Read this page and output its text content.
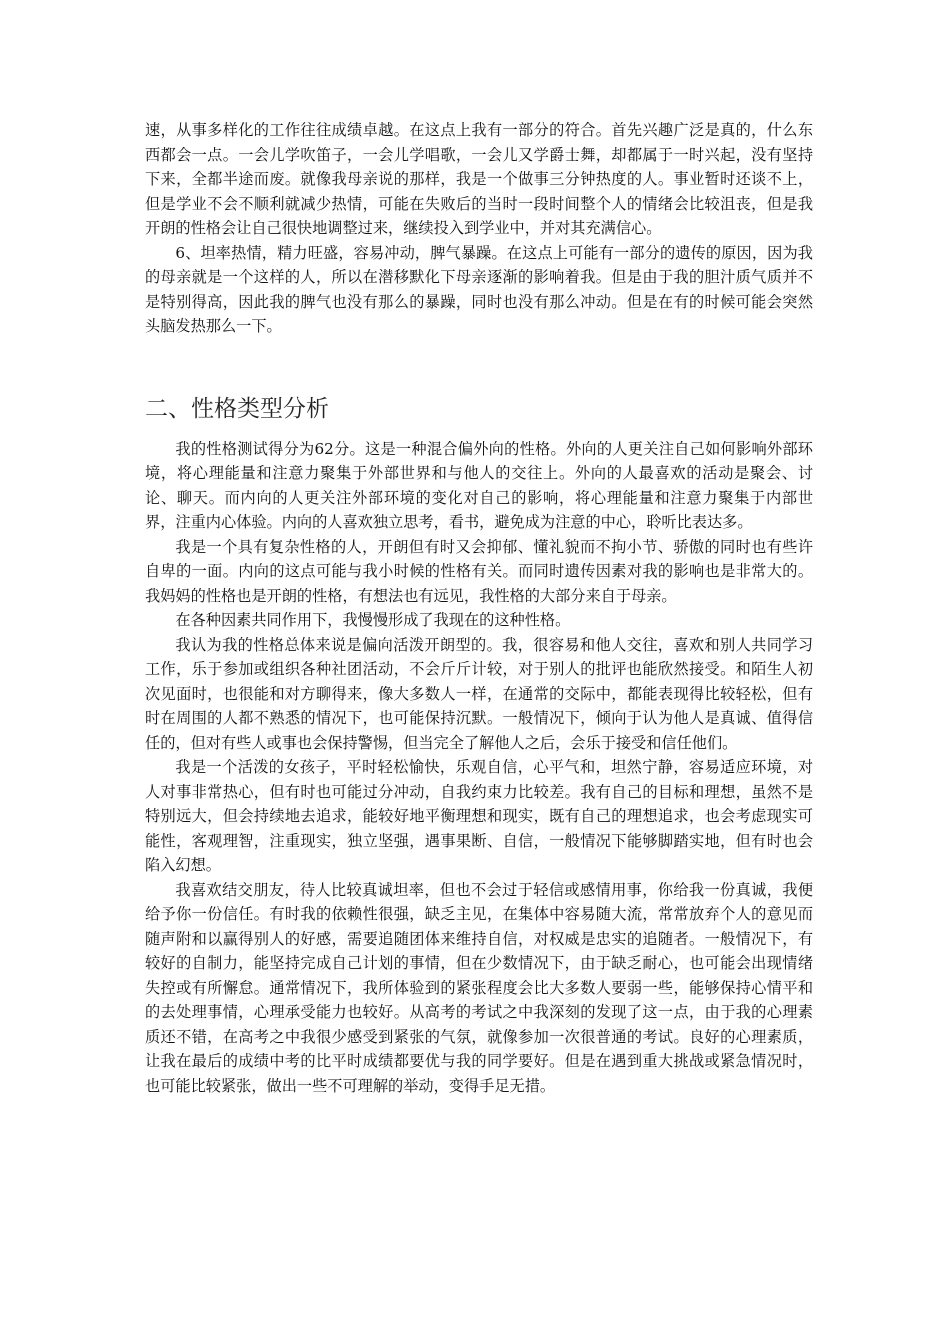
速，从事多样化的工作往往成绩卓越。在这点上我有一部分的符合。首先兴趣广泛是真的，什么东西都会一点。一会儿学吹笛子，一会儿学唱歌，一会儿又学爵士舞，却都属于一时兴起，没有坚持下来，全都半途而废。就像我母亲说的那样，我是一个做事三分钟热度的人。事业暂时还谈不上，但是学业不会不顺利就减少热情，可能在失败后的当时一段时间整个人的情绪会比较沮丧，但是我开朗的性格会让自己很快地调整过来，继续投入到学业中，并对其充满信心。

6、坦率热情，精力旺盛，容易冲动，脾气暴躁。在这点上可能有一部分的遗传的原因，因为我的母亲就是一个这样的人，所以在潜移默化下母亲逐渐的影响着我。但是由于我的胆汁质气质并不是特别得高，因此我的脾气也没有那么的暴躁，同时也没有那么冲动。但是在有的时候可能会突然头脑发热那么一下。

二、性格类型分析

我的性格测试得分为62分。这是一种混合偏外向的性格。外向的人更关注自己如何影响外部环境，将心理能量和注意力聚集于外部世界和与他人的交往上。外向的人最喜欢的活动是聚会、讨论、聊天。而内向的人更关注外部环境的变化对自己的影响，将心理能量和注意力聚集于内部世界，注重内心体验。内向的人喜欢独立思考，看书，避免成为注意的中心，聆听比表达多。

我是一个具有复杂性格的人，开朗但有时又会抑郁、懂礼貌而不拘小节、骄傲的同时也有些许自卑的一面。内向的这点可能与我小时候的性格有关。而同时遗传因素对我的影响也是非常大的。我妈妈的性格也是开朗的性格，有想法也有远见，我性格的大部分来自于母亲。

在各种因素共同作用下，我慢慢形成了我现在的这种性格。

我认为我的性格总体来说是偏向活泼开朗型的。我，很容易和他人交往，喜欢和别人共同学习工作，乐于参加或组织各种社团活动，不会斤斤计较，对于别人的批评也能欣然接受。和陌生人初次见面时，也很能和对方聊得来，像大多数人一样，在通常的交际中，都能表现得比较轻松，但有时在周围的人都不熟悉的情况下，也可能保持沉默。一般情况下，倾向于认为他人是真诚、值得信任的，但对有些人或事也会保持警惕，但当完全了解他人之后，会乐于接受和信任他们。

我是一个活泼的女孩子，平时轻松愉快，乐观自信，心平气和，坦然宁静，容易适应环境，对人对事非常热心，但有时也可能过分冲动，自我约束力比较差。我有自己的目标和理想，虽然不是特别远大，但会持续地去追求，能较好地平衡理想和现实，既有自己的理想追求，也会考虑现实可能性，客观理智，注重现实，独立坚强，遇事果断、自信，一般情况下能够脚踏实地，但有时也会陷入幻想。

我喜欢结交朋友，待人比较真诚坦率，但也不会过于轻信或感情用事，你给我一份真诚，我便给予你一份信任。有时我的依赖性很强，缺乏主见，在集体中容易随大流，常常放弃个人的意见而随声附和以赢得别人的好感，需要追随团体来维持自信，对权威是忠实的追随者。一般情况下，有较好的自制力，能坚持完成自己计划的事情，但在少数情况下，由于缺乏耐心，也可能会出现情绪失控或有所懈怠。通常情况下，我所体验到的紧张程度会比大多数人要弱一些，能够保持心情平和的去处理事情，心理承受能力也较好。从高考的考试之中我深刻的发现了这一点，由于我的心理素质还不错，在高考之中我很少感受到紧张的气氛，就像参加一次很普通的考试。良好的心理素质，让我在最后的成绩中考的比平时成绩都要优与我的同学要好。但是在遇到重大挑战或紧急情况时，也可能比较紧张，做出一些不可理解的举动，变得手足无措。
